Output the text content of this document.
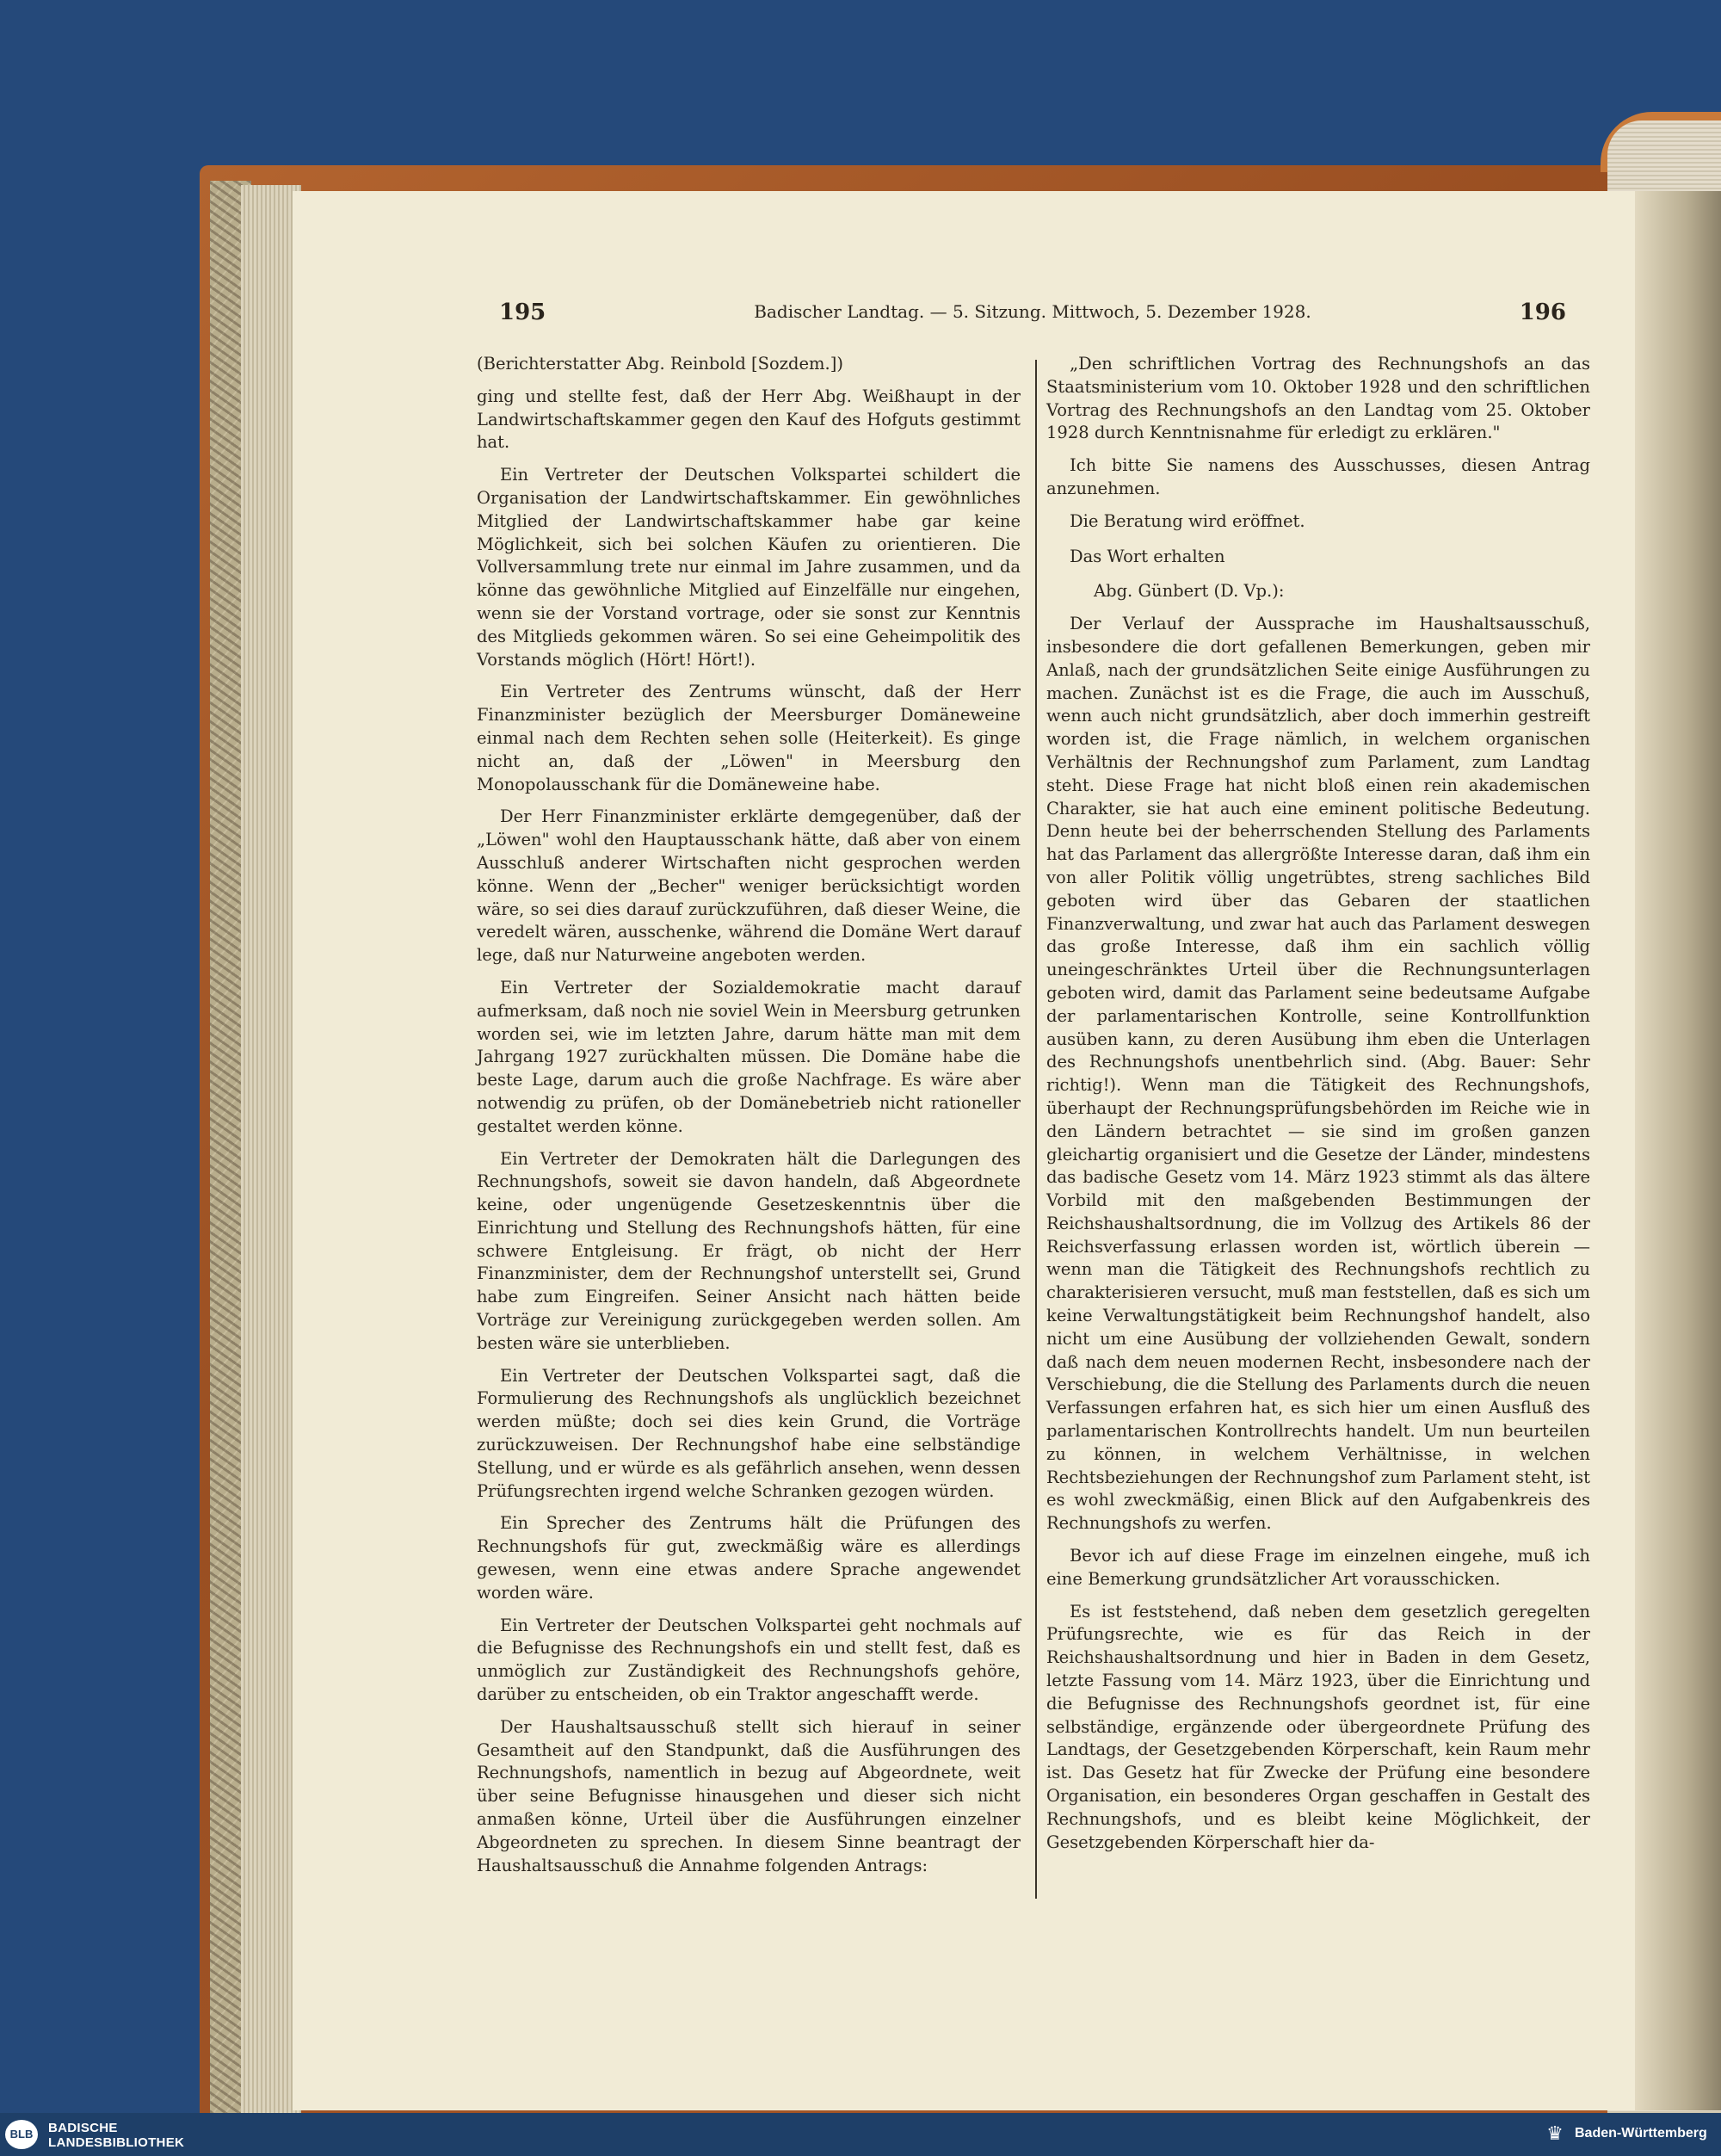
195	Badischer Landtag. — 5. Sitzung. Mittwoch, 5. Dezember 1928.	196

(Berichterstatter Abg. Reinbold [Sozdem.])

ging und stellte fest, daß der Herr Abg. Weißhaupt in der Landwirtschaftskammer gegen den Kauf des Hofguts gestimmt hat.

Ein Vertreter der Deutschen Volkspartei schildert die Organisation der Landwirtschaftskammer. Ein gewöhnliches Mitglied der Landwirtschaftskammer habe gar keine Möglichkeit, sich bei solchen Käufen zu orientieren. Die Vollversammlung trete nur einmal im Jahre zusammen, und da könne das gewöhnliche Mitglied auf Einzelfälle nur eingehen, wenn sie der Vorstand vortrage, oder sie sonst zur Kenntnis des Mitglieds gekommen wären. So sei eine Geheimpolitik des Vorstands möglich (Hört! Hört!).

Ein Vertreter des Zentrums wünscht, daß der Herr Finanzminister bezüglich der Meersburger Domäneweine einmal nach dem Rechten sehen solle (Heiterkeit). Es ginge nicht an, daß der „Löwen" in Meersburg den Monopolausschank für die Domäneweine habe.

Der Herr Finanzminister erklärte demgegenüber, daß der „Löwen" wohl den Hauptausschank hätte, daß aber von einem Ausschluß anderer Wirtschaften nicht gesprochen werden könne. Wenn der „Becher" weniger berücksichtigt worden wäre, so sei dies darauf zurückzuführen, daß dieser Weine, die veredelt wären, ausschenke, während die Domäne Wert darauf lege, daß nur Naturweine angeboten werden.

Ein Vertreter der Sozialdemokratie macht darauf aufmerksam, daß noch nie soviel Wein in Meersburg getrunken worden sei, wie im letzten Jahre, darum hätte man mit dem Jahrgang 1927 zurückhalten müssen. Die Domäne habe die beste Lage, darum auch die große Nachfrage. Es wäre aber notwendig zu prüfen, ob der Domänebetrieb nicht rationeller gestaltet werden könne.

Ein Vertreter der Demokraten hält die Darlegungen des Rechnungshofs, soweit sie davon handeln, daß Abgeordnete keine, oder ungenügende Gesetzeskenntnis über die Einrichtung und Stellung des Rechnungshofs hätten, für eine schwere Entgleisung. Er frägt, ob nicht der Herr Finanzminister, dem der Rechnungshof unterstellt sei, Grund habe zum Eingreifen. Seiner Ansicht nach hätten beide Vorträge zur Vereinigung zurückgegeben werden sollen. Am besten wäre sie unterblieben.

Ein Vertreter der Deutschen Volkspartei sagt, daß die Formulierung des Rechnungshofs als unglücklich bezeichnet werden müßte; doch sei dies kein Grund, die Vorträge zurückzuweisen. Der Rechnungshof habe eine selbständige Stellung, und er würde es als gefährlich ansehen, wenn dessen Prüfungsrechten irgend welche Schranken gezogen würden.

Ein Sprecher des Zentrums hält die Prüfungen des Rechnungshofs für gut, zweckmäßig wäre es allerdings gewesen, wenn eine etwas andere Sprache angewendet worden wäre.

Ein Vertreter der Deutschen Volkspartei geht nochmals auf die Befugnisse des Rechnungshofs ein und stellt fest, daß es unmöglich zur Zuständigkeit des Rechnungshofs gehöre, darüber zu entscheiden, ob ein Traktor angeschafft werde.

Der Haushaltsausschuß stellt sich hierauf in seiner Gesamtheit auf den Standpunkt, daß die Ausführungen des Rechnungshofs, namentlich in bezug auf Abgeordnete, weit über seine Befugnisse hinausgehen und dieser sich nicht anmaßen könne, Urteil über die Ausführungen einzelner Abgeordneten zu sprechen. In diesem Sinne beantragt der Haushaltsausschuß die Annahme folgenden Antrags:

„Den schriftlichen Vortrag des Rechnungshofs an das Staatsministerium vom 10. Oktober 1928 und den schriftlichen Vortrag des Rechnungshofs an den Landtag vom 25. Oktober 1928 durch Kenntnisnahme für erledigt zu erklären."

Ich bitte Sie namens des Ausschusses, diesen Antrag anzunehmen.

Die Beratung wird eröffnet.

Das Wort erhalten

Abg. Günbert (D. Vp.):

Der Verlauf der Aussprache im Haushaltsausschuß, insbesondere die dort gefallenen Bemerkungen, geben mir Anlaß, nach der grundsätzlichen Seite einige Ausführungen zu machen. Zunächst ist es die Frage, die auch im Ausschuß, wenn auch nicht grundsätzlich, aber doch immerhin gestreift worden ist, die Frage nämlich, in welchem organischen Verhältnis der Rechnungshof zum Parlament, zum Landtag steht. Diese Frage hat nicht bloß einen rein akademischen Charakter, sie hat auch eine eminent politische Bedeutung. Denn heute bei der beherrschenden Stellung des Parlaments hat das Parlament das allergrößte Interesse daran, daß ihm ein von aller Politik völlig ungetrübtes, streng sachliches Bild geboten wird über das Gebaren der staatlichen Finanzverwaltung, und zwar hat auch das Parlament deswegen das große Interesse, daß ihm ein sachlich völlig uneingeschränktes Urteil über die Rechnungsunterlagen geboten wird, damit das Parlament seine bedeutsame Aufgabe der parlamentarischen Kontrolle, seine Kontrollfunktion ausüben kann, zu deren Ausübung ihm eben die Unterlagen des Rechnungshofs unentbehrlich sind. (Abg. Bauer: Sehr richtig!). Wenn man die Tätigkeit des Rechnungshofs, überhaupt der Rechnungsprüfungsbehörden im Reiche wie in den Ländern betrachtet — sie sind im großen ganzen gleichartig organisiert und die Gesetze der Länder, mindestens das badische Gesetz vom 14. März 1923 stimmt als das ältere Vorbild mit den maßgebenden Bestimmungen der Reichshaushaltsordnung, die im Vollzug des Artikels 86 der Reichsverfassung erlassen worden ist, wörtlich überein — wenn man die Tätigkeit des Rechnungshofs rechtlich zu charakterisieren versucht, muß man feststellen, daß es sich um keine Verwaltungstätigkeit beim Rechnungshof handelt, also nicht um eine Ausübung der vollziehenden Gewalt, sondern daß nach dem neuen modernen Recht, insbesondere nach der Verschiebung, die die Stellung des Parlaments durch die neuen Verfassungen erfahren hat, es sich hier um einen Ausfluß des parlamentarischen Kontrollrechts handelt. Um nun beurteilen zu können, in welchem Verhältnisse, in welchen Rechtsbeziehungen der Rechnungshof zum Parlament steht, ist es wohl zweckmäßig, einen Blick auf den Aufgabenkreis des Rechnungshofs zu werfen.

Bevor ich auf diese Frage im einzelnen eingehe, muß ich eine Bemerkung grundsätzlicher Art vorausschicken.

Es ist feststehend, daß neben dem gesetzlich geregelten Prüfungsrechte, wie es für das Reich in der Reichshaushaltsordnung und hier in Baden in dem Gesetz, letzte Fassung vom 14. März 1923, über die Einrichtung und die Befugnisse des Rechnungshofs geordnet ist, für eine selbständige, ergänzende oder übergeordnete Prüfung des Landtags, der Gesetzgebenden Körperschaft, kein Raum mehr ist. Das Gesetz hat für Zwecke der Prüfung eine besondere Organisation, ein besonderes Organ geschaffen in Gestalt des Rechnungshofs, und es bleibt keine Möglichkeit, der Gesetzgebenden Körperschaft hier da-

BLB	BADISCHE
LANDESBIBLIOTHEK	♛ Baden-Württemberg
